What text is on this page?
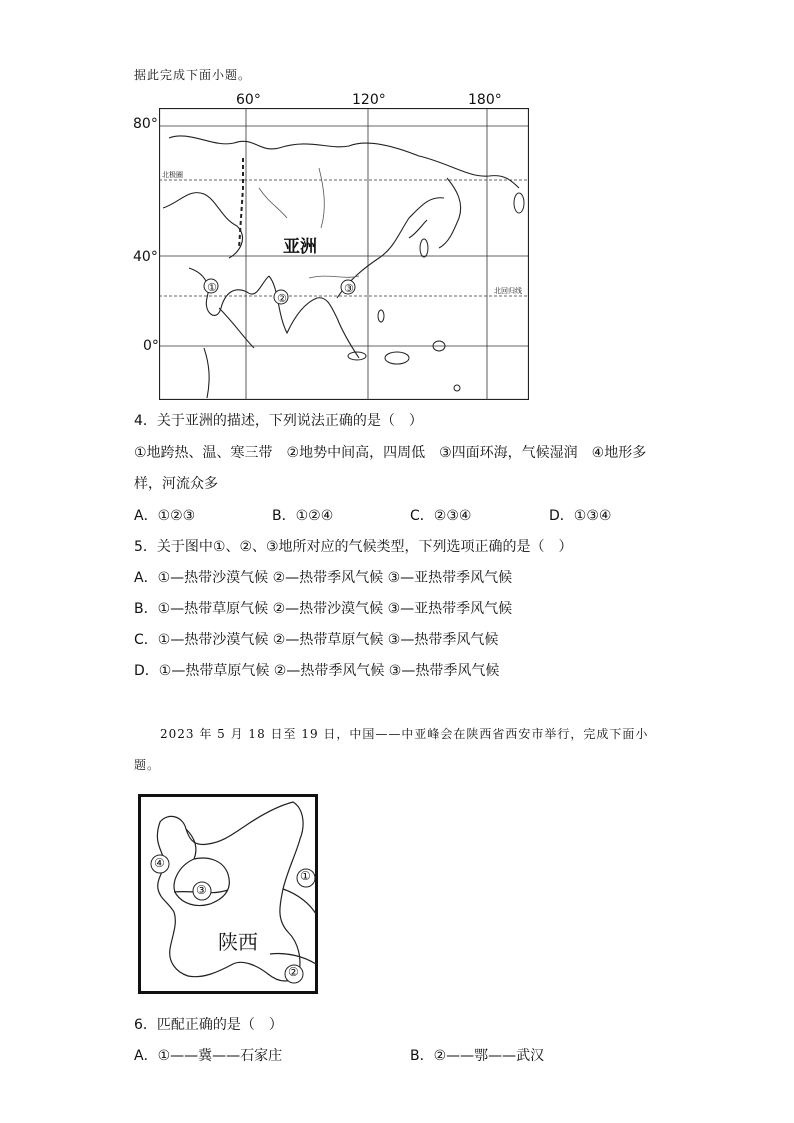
据此完成下面小题。
60°	120°	180°
80°
40°
0°
①
②
③
北极圈
北回归线
亚洲
4．关于亚洲的描述，下列说法正确的是（　）
①地跨热、温、寒三带　②地势中间高，四周低　③四面环海，气候湿润　④地形多
样，河流众多
A．①②③	B．①②④	C．②③④	D．①③④
5．关于图中①、②、③地所对应的气候类型，下列选项正确的是（　）
A．①—热带沙漠气候 ②—热带季风气候 ③—亚热带季风气候
B．①—热带草原气候 ②—热带沙漠气候 ③—亚热带季风气候
C．①—热带沙漠气候 ②—热带草原气候 ③—热带季风气候
D．①—热带草原气候 ②—热带季风气候 ③—热带季风气候
2023 年 5 月 18 日至 19 日，中国——中亚峰会在陕西省西安市举行，完成下面小
题。
①
②
③
④
陕西
6．匹配正确的是（　）
A．①——冀——石家庄	B．②——鄂——武汉
